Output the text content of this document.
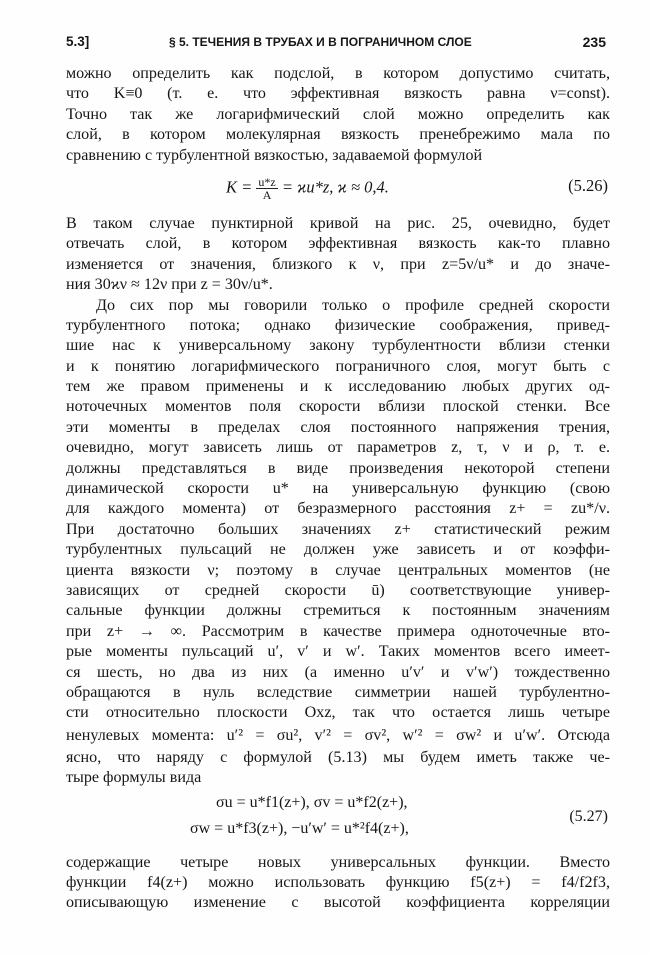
5.3]	§ 5. ТЕЧЕНИЯ В ТРУБАХ И В ПОГРАНИЧНОМ СЛОЕ	235
можно определить как подслой, в котором допустимо считать,
что K≡0 (т. е. что эффективная вязкость равна ν=const).
Точно так же логарифмический слой можно определить как
слой, в котором молекулярная вязкость пренебрежимо мала по
сравнению с турбулентной вязкостью, задаваемой формулой
$K = \frac{u*z}{A} = ϰu*z$, ϰ ≈ 0,4.	(5.26)
В таком случае пунктирной кривой на рис. 25, очевидно, будет
отвечать слой, в котором эффективная вязкость как-то плавно
изменяется от значения, близкого к ν, при z=5ν/u* и до значе-
ния 30ϰν ≈ 12ν при z = 30ν/u*.
До сих пор мы говорили только о профиле средней скорости
турбулентного потока; однако физические соображения, привед-
шие нас к универсальному закону турбулентности вблизи стенки
и к понятию логарифмического пограничного слоя, могут быть с
тем же правом применены и к исследованию любых других од-
ноточечных моментов поля скорости вблизи плоской стенки. Все
эти моменты в пределах слоя постоянного напряжения трения,
очевидно, могут зависеть лишь от параметров z, τ, ν и ρ, т. е.
должны представляться в виде произведения некоторой степени
динамической скорости u* на универсальную функцию (свою
для каждого момента) от безразмерного расстояния z+ = zu*/ν.
При достаточно больших значениях z+ статистический режим
турбулентных пульсаций не должен уже зависеть и от коэффи-
циента вязкости ν; поэтому в случае центральных моментов (не
зависящих от средней скорости ū) соответствующие универ-
сальные функции должны стремиться к постоянным значениям
при z+ → ∞. Рассмотрим в качестве примера одноточечные вто-
рые моменты пульсаций u′, v′ и w′. Таких моментов всего имеет-
ся шесть, но два из них (а именно u′v′ и v′w′) тождественно
обращаются в нуль вследствие симметрии нашей турбулентно-
сти относительно плоскости Oxz, так что остается лишь четыре
ненулевых момента: u′² = σu², v′² = σv², w′² = σw² и u′w′. Отсюда
ясно, что наряду с формулой (5.13) мы будем иметь также че-
тыре формулы вида
σu = u*f1(z+), σv = u*f2(z+),
σw = u*f3(z+), −u′w′ = u*²f4(z+),
(5.27)
содержащие четыре новых универсальных функции. Вместо
функции f4(z+) можно использовать функцию f5(z+) = f4/f2f3,
описывающую изменение с высотой коэффициента корреляции
